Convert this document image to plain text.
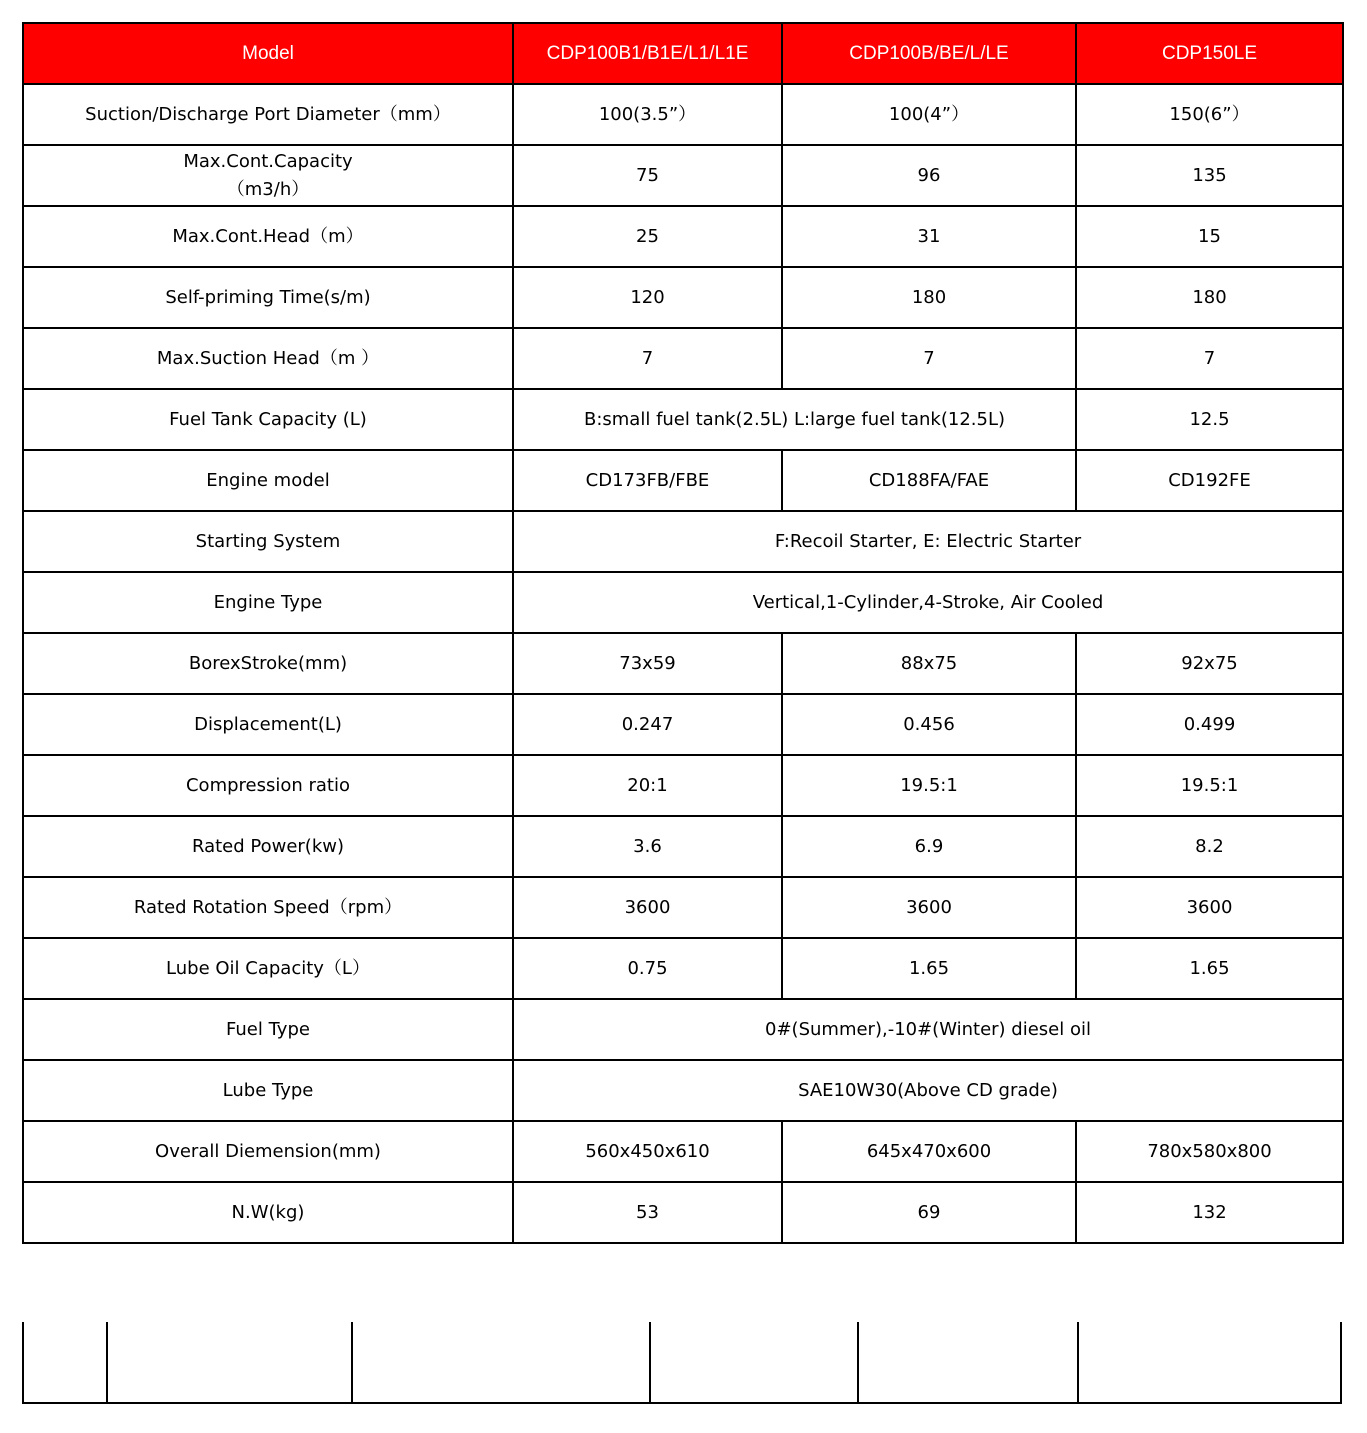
Model	CDP100B1/B1E/L1/L1E	CDP100B/BE/L/LE	CDP150LE
Suction/Discharge Port Diameter（mm）	100(3.5”）	100(4”）	150(6”）

Max.Cont.Capacity
（m3/h）	75	96	135
Max.Cont.Head（m）	25	31	15
Self-priming Time(s/m)	120	180	180
Max.Suction Head（m ）	7	7	7
Fuel Tank Capacity (L)	B:small fuel tank(2.5L) L:large fuel tank(12.5L)		12.5
Engine model	CD173FB/FBE	CD188FA/FAE	CD192FE
Starting System	F:Recoil Starter, E: Electric Starter		
Engine Type	Vertical,1-Cylinder,4-Stroke, Air Cooled		
BorexStroke(mm)	73x59	88x75	92x75
Displacement(L)	0.247	0.456	0.499
Compression ratio	20:1	19.5:1	19.5:1
Rated Power(kw)	3.6	6.9	8.2
Rated Rotation Speed（rpm）	3600	3600	3600
Lube Oil Capacity（L）	0.75	1.65	1.65
Fuel Type	0#(Summer),-10#(Winter) diesel oil		
Lube Type	SAE10W30(Above CD grade)		
Overall Diemension(mm)	560x450x610	645x470x600	780x580x800
N.W(kg)	53	69	132
